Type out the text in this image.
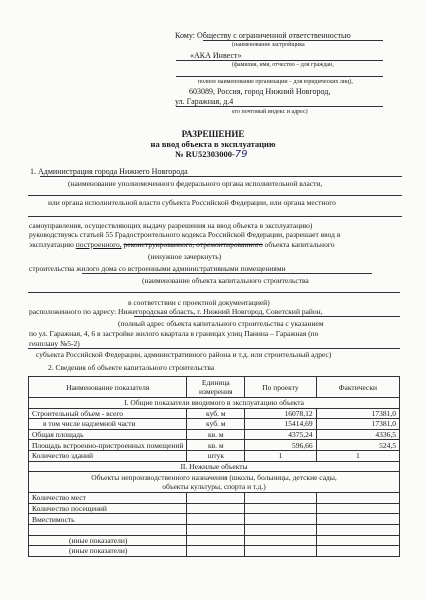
Кому: Обществу с ограниченной ответственностью
(наименование застройщика
«АКА Инвест»
(фамилия, имя, отчество – для граждан,
полное наименование организации – для юридических лиц),
603089, Россия, город Нижний Новгород,
ул. Гаражная, д.4
его почтовый индекс и адрес)
РАЗРЕШЕНИЕ
на ввод объекта в эксплуатацию
№ RU52303000-79
1. Администрация города Нижнего Новгорода
(наименование уполномоченного федерального органа исполнительной власти,
или органа исполнительной власти субъекта Российской Федерации, или органа местного
самоуправления, осуществляющих выдачу разрешения на ввод объекта в эксплуатацию)
руководствуясь статьей 55 Градостроительного кодекса Российской Федерации, разрешает ввод в
эксплуатацию построенного, реконструированного, отремонтированного объекта капитального
(ненужное зачеркнуть)
строительства жилого дома со встроенными административными помещениями
(наименование объекта капитального строительства
в соответствии с проектной документацией)
расположенного по адресу: Нижегородская область, г. Нижний Новгород, Советский район,
(полный адрес объекта капитального строительства с указанием
по ул. Гаражная, 4, 6 в застройке жилого квартала в границах улиц Панина – Гаражная (по
генплану №5-2)
субъекта Российской Федерации, административного района и т.д. или строительный адрес)
2. Сведения об объекте капитального строительства
Наименование показателя	Единица измерения	По проекту	Фактически
I. Общие показатели вводимого в эксплуатацию объекта			
Строительный объем - всего	куб. м	16078,12	17381,0
в том числе надземной части	куб. м	15414,69	17381,0
Общая площадь	кв. м	4375,24	4336,5
Площадь встроенно-пристроенных помещений	кв. м	596,66	524,5
Количество зданий	штук	1	1
II. Нежилые объекты			

Объекты непроизводственного назначения (школы, больницы, детские сады,
объекты культуры, спорта и т.д.)			

Количество мест			
Количество посещений			
Вместимость			

(иные показатели)			
(иные показатели)			
